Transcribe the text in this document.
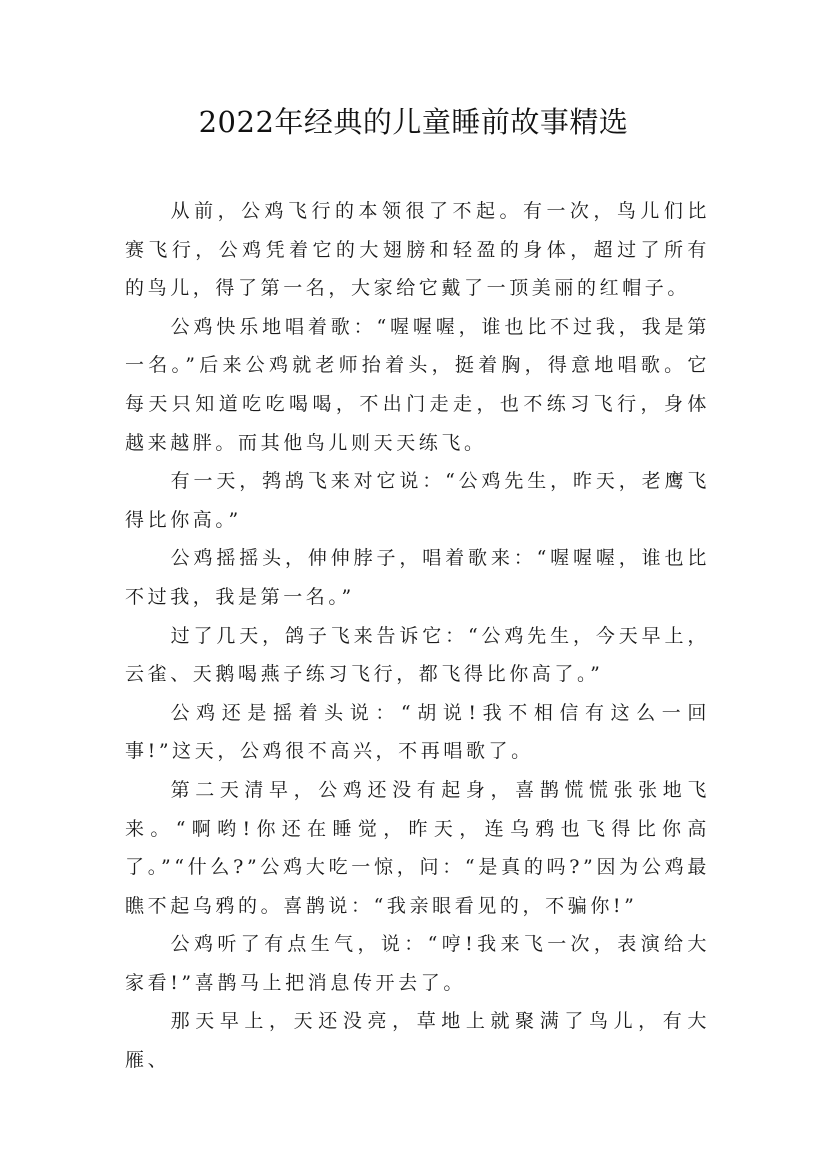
2022年经典的儿童睡前故事精选

从前，公鸡飞行的本领很了不起。有一次，鸟儿们比赛飞行，公鸡凭着它的大翅膀和轻盈的身体，超过了所有的鸟儿，得了第一名，大家给它戴了一顶美丽的红帽子。

公鸡快乐地唱着歌：“喔喔喔，谁也比不过我，我是第一名。”后来公鸡就老师抬着头，挺着胸，得意地唱歌。它每天只知道吃吃喝喝，不出门走走，也不练习飞行，身体越来越胖。而其他鸟儿则天天练飞。

有一天，鹁鸪飞来对它说：“公鸡先生，昨天，老鹰飞得比你高。”

公鸡摇摇头，伸伸脖子，唱着歌来：“喔喔喔，谁也比不过我，我是第一名。”

过了几天，鸽子飞来告诉它：“公鸡先生，今天早上，云雀、天鹅喝燕子练习飞行，都飞得比你高了。”

公鸡还是摇着头说：“胡说!我不相信有这么一回事!”这天，公鸡很不高兴，不再唱歌了。

第二天清早，公鸡还没有起身，喜鹊慌慌张张地飞来。“啊哟!你还在睡觉，昨天，连乌鸦也飞得比你高了。”“什么?”公鸡大吃一惊，问：“是真的吗?”因为公鸡最瞧不起乌鸦的。喜鹊说：“我亲眼看见的，不骗你!”

公鸡听了有点生气，说：“哼!我来飞一次，表演给大家看!”喜鹊马上把消息传开去了。

那天早上，天还没亮，草地上就聚满了鸟儿，有大雁、
